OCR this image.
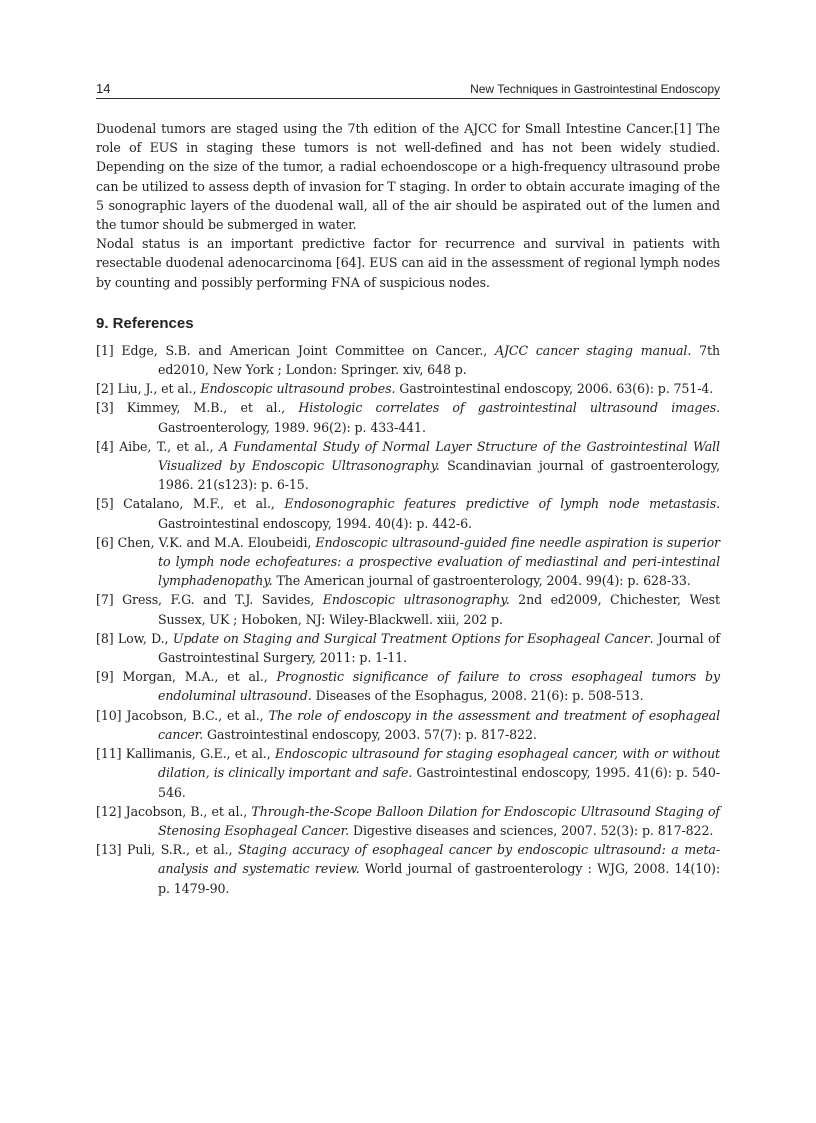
14	New Techniques in Gastrointestinal Endoscopy

Duodenal tumors are staged using the 7th edition of the AJCC for Small Intestine Cancer.[1] The role of EUS in staging these tumors is not well-defined and has not been widely studied. Depending on the size of the tumor, a radial echoendoscope or a high-frequency ultrasound probe can be utilized to assess depth of invasion for T staging. In order to obtain accurate imaging of the 5 sonographic layers of the duodenal wall, all of the air should be aspirated out of the lumen and the tumor should be submerged in water.

Nodal status is an important predictive factor for recurrence and survival in patients with resectable duodenal adenocarcinoma [64]. EUS can aid in the assessment of regional lymph nodes by counting and possibly performing FNA of suspicious nodes.

9. References

[1] Edge, S.B. and American Joint Committee on Cancer., AJCC cancer staging manual. 7th ed2010, New York ; London: Springer. xiv, 648 p.

[2] Liu, J., et al., Endoscopic ultrasound probes. Gastrointestinal endoscopy, 2006. 63(6): p. 751-4.

[3] Kimmey, M.B., et al., Histologic correlates of gastrointestinal ultrasound images. Gastroenterology, 1989. 96(2): p. 433-441.

[4] Aibe, T., et al., A Fundamental Study of Normal Layer Structure of the Gastrointestinal Wall Visualized by Endoscopic Ultrasonography. Scandinavian journal of gastroenterology, 1986. 21(s123): p. 6-15.

[5] Catalano, M.F., et al., Endosonographic features predictive of lymph node metastasis. Gastrointestinal endoscopy, 1994. 40(4): p. 442-6.

[6] Chen, V.K. and M.A. Eloubeidi, Endoscopic ultrasound-guided fine needle aspiration is superior to lymph node echofeatures: a prospective evaluation of mediastinal and peri-intestinal lymphadenopathy. The American journal of gastroenterology, 2004. 99(4): p. 628-33.

[7] Gress, F.G. and T.J. Savides, Endoscopic ultrasonography. 2nd ed2009, Chichester, West Sussex, UK ; Hoboken, NJ: Wiley-Blackwell. xiii, 202 p.

[8] Low, D., Update on Staging and Surgical Treatment Options for Esophageal Cancer. Journal of Gastrointestinal Surgery, 2011: p. 1-11.

[9] Morgan, M.A., et al., Prognostic significance of failure to cross esophageal tumors by endoluminal ultrasound. Diseases of the Esophagus, 2008. 21(6): p. 508-513.

[10] Jacobson, B.C., et al., The role of endoscopy in the assessment and treatment of esophageal cancer. Gastrointestinal endoscopy, 2003. 57(7): p. 817-822.

[11] Kallimanis, G.E., et al., Endoscopic ultrasound for staging esophageal cancer, with or without dilation, is clinically important and safe. Gastrointestinal endoscopy, 1995. 41(6): p. 540-546.

[12] Jacobson, B., et al., Through-the-Scope Balloon Dilation for Endoscopic Ultrasound Staging of Stenosing Esophageal Cancer. Digestive diseases and sciences, 2007. 52(3): p. 817-822.

[13] Puli, S.R., et al., Staging accuracy of esophageal cancer by endoscopic ultrasound: a meta-analysis and systematic review. World journal of gastroenterology : WJG, 2008. 14(10): p. 1479-90.
